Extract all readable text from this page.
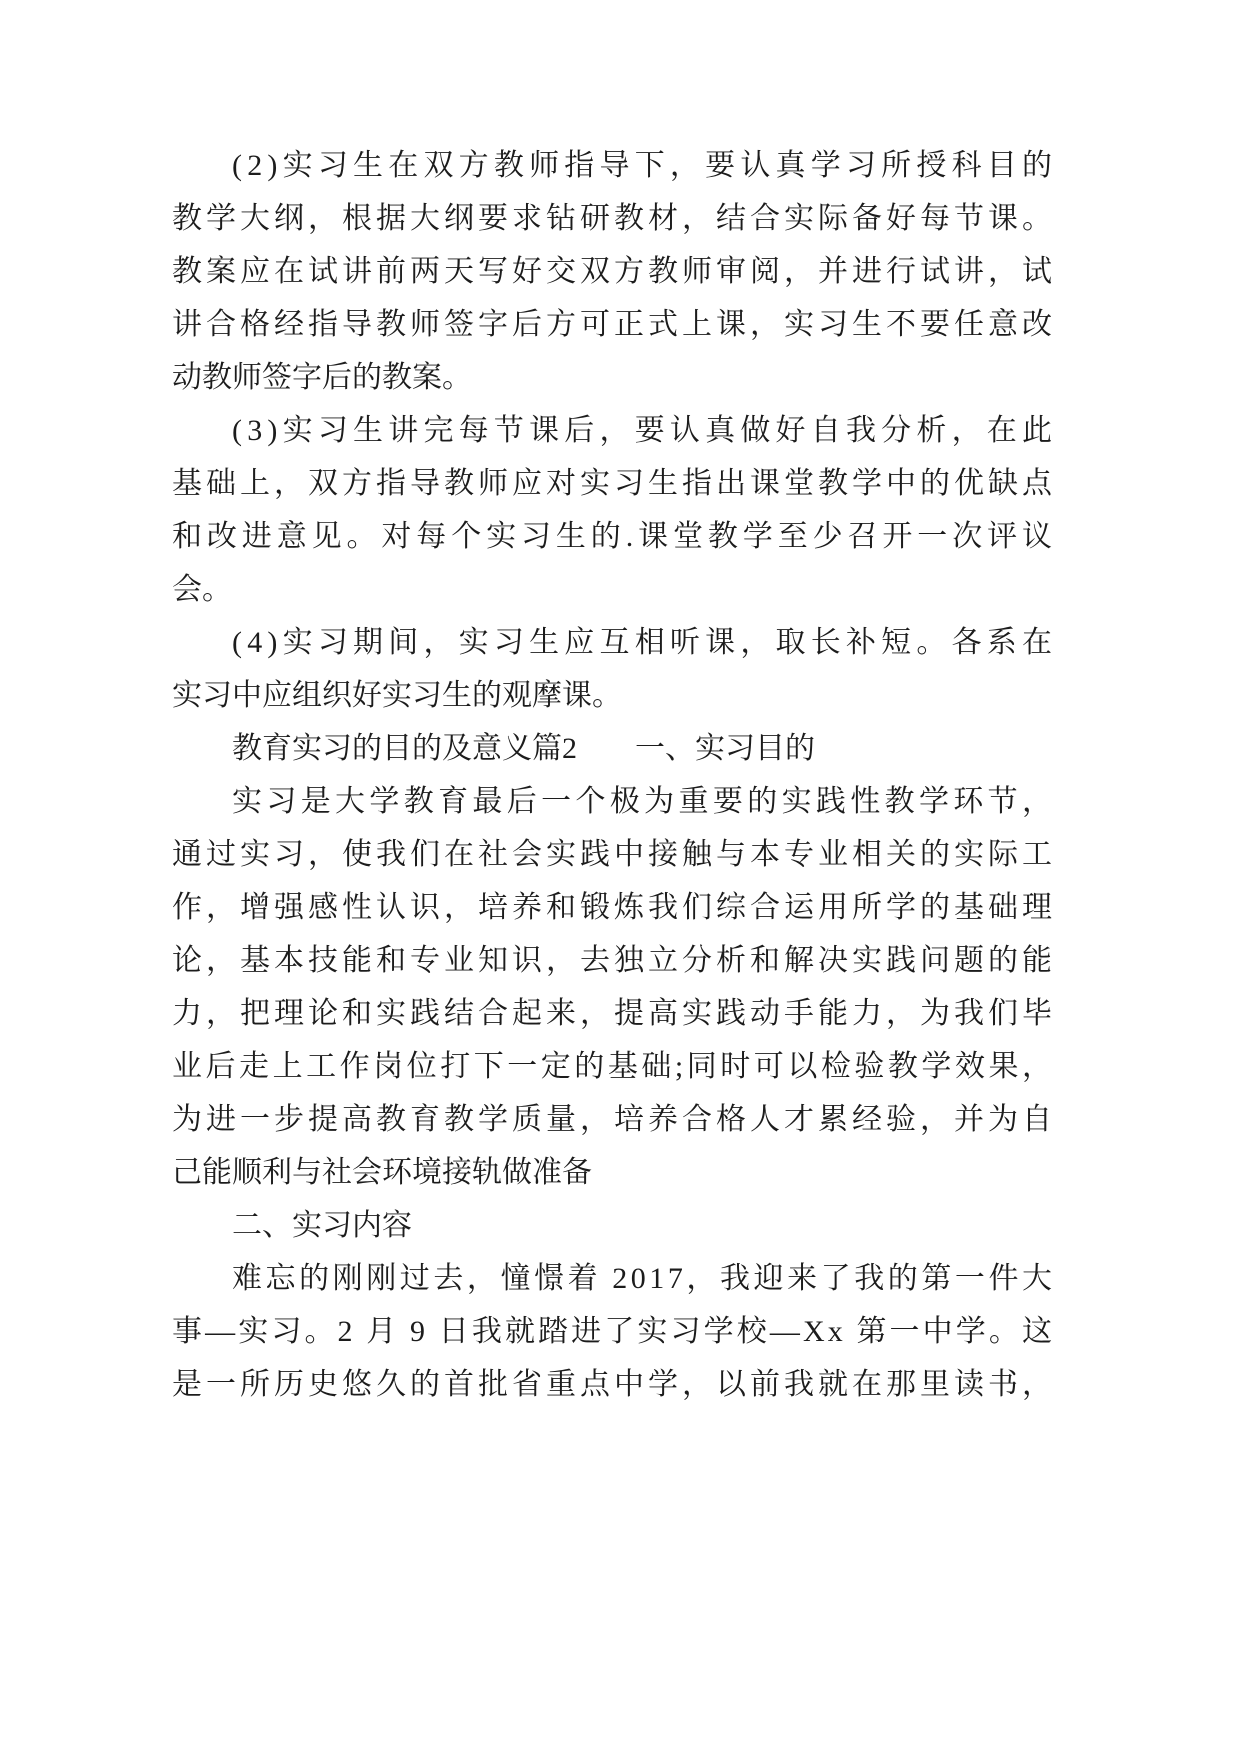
(2)实习生在双方教师指导下，要认真学习所授科目的
教学大纲，根据大纲要求钻研教材，结合实际备好每节课。
教案应在试讲前两天写好交双方教师审阅，并进行试讲，试
讲合格经指导教师签字后方可正式上课，实习生不要任意改
动教师签字后的教案。
(3)实习生讲完每节课后，要认真做好自我分析，在此
基础上，双方指导教师应对实习生指出课堂教学中的优缺点
和改进意见。对每个实习生的.课堂教学至少召开一次评议
会。
(4)实习期间，实习生应互相听课，取长补短。各系在
实习中应组织好实习生的观摩课。
教育实习的目的及意义篇2 一、实习目的
实习是大学教育最后一个极为重要的实践性教学环节，
通过实习，使我们在社会实践中接触与本专业相关的实际工
作，增强感性认识，培养和锻炼我们综合运用所学的基础理
论，基本技能和专业知识，去独立分析和解决实践问题的能
力，把理论和实践结合起来，提高实践动手能力，为我们毕
业后走上工作岗位打下一定的基础;同时可以检验教学效果，
为进一步提高教育教学质量，培养合格人才累经验，并为自
己能顺利与社会环境接轨做准备
二、实习内容
难忘的刚刚过去，憧憬着 2017，我迎来了我的第一件大
事—实习。2 月 9 日我就踏进了实习学校—Xx 第一中学。这
是一所历史悠久的首批省重点中学，以前我就在那里读书，
